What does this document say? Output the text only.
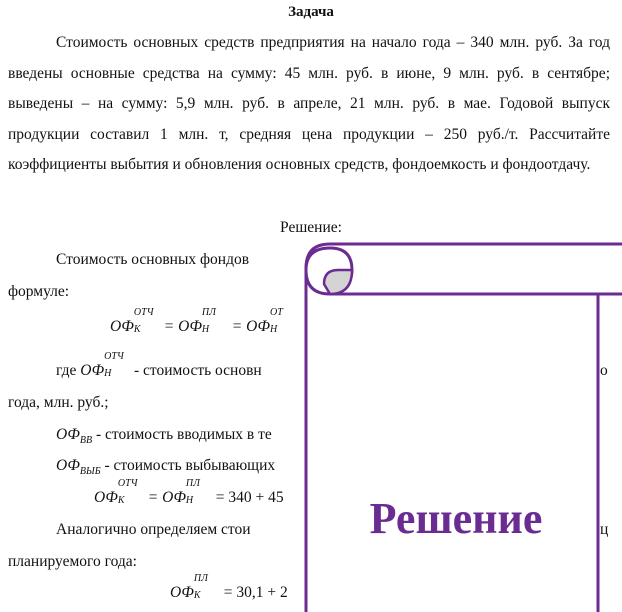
Задача

Стоимость основных средств предприятия на начало года – 340 млн. руб. За год введены основные средства на сумму: 45 млн. руб. в июне, 9 млн. руб. в сентябре; выведены – на сумму: 5,9 млн. руб. в апреле, 21 млн. руб. в мае. Годовой выпуск продукции составил 1 млн. т, средняя цена продукции – 250 руб./т. Рассчитайте коэффициенты выбытия и обновления основных средств, фондоемкость и фондоотдачу.

Решение:
Стоимость основных фондов
формуле:
ОФ
ОТЧ
К = ОФ
ПЛ
Н = ОФ
ОТ
Н
где ОФ
ОТЧ
Н - стоимость основн	о
года, млн. руб.;
$ОФ_{ВВ}$ - стоимость вводимых в те
$ОФ_{ВЫБ}$ - стоимость выбывающих
ОФ
ОТЧ
К = ОФ
ПЛ
Н = 340 + 45
Аналогично определяем стои	ц
планируемого года:
ОФ
ПЛ
К = 30,1 + 2
Решение
